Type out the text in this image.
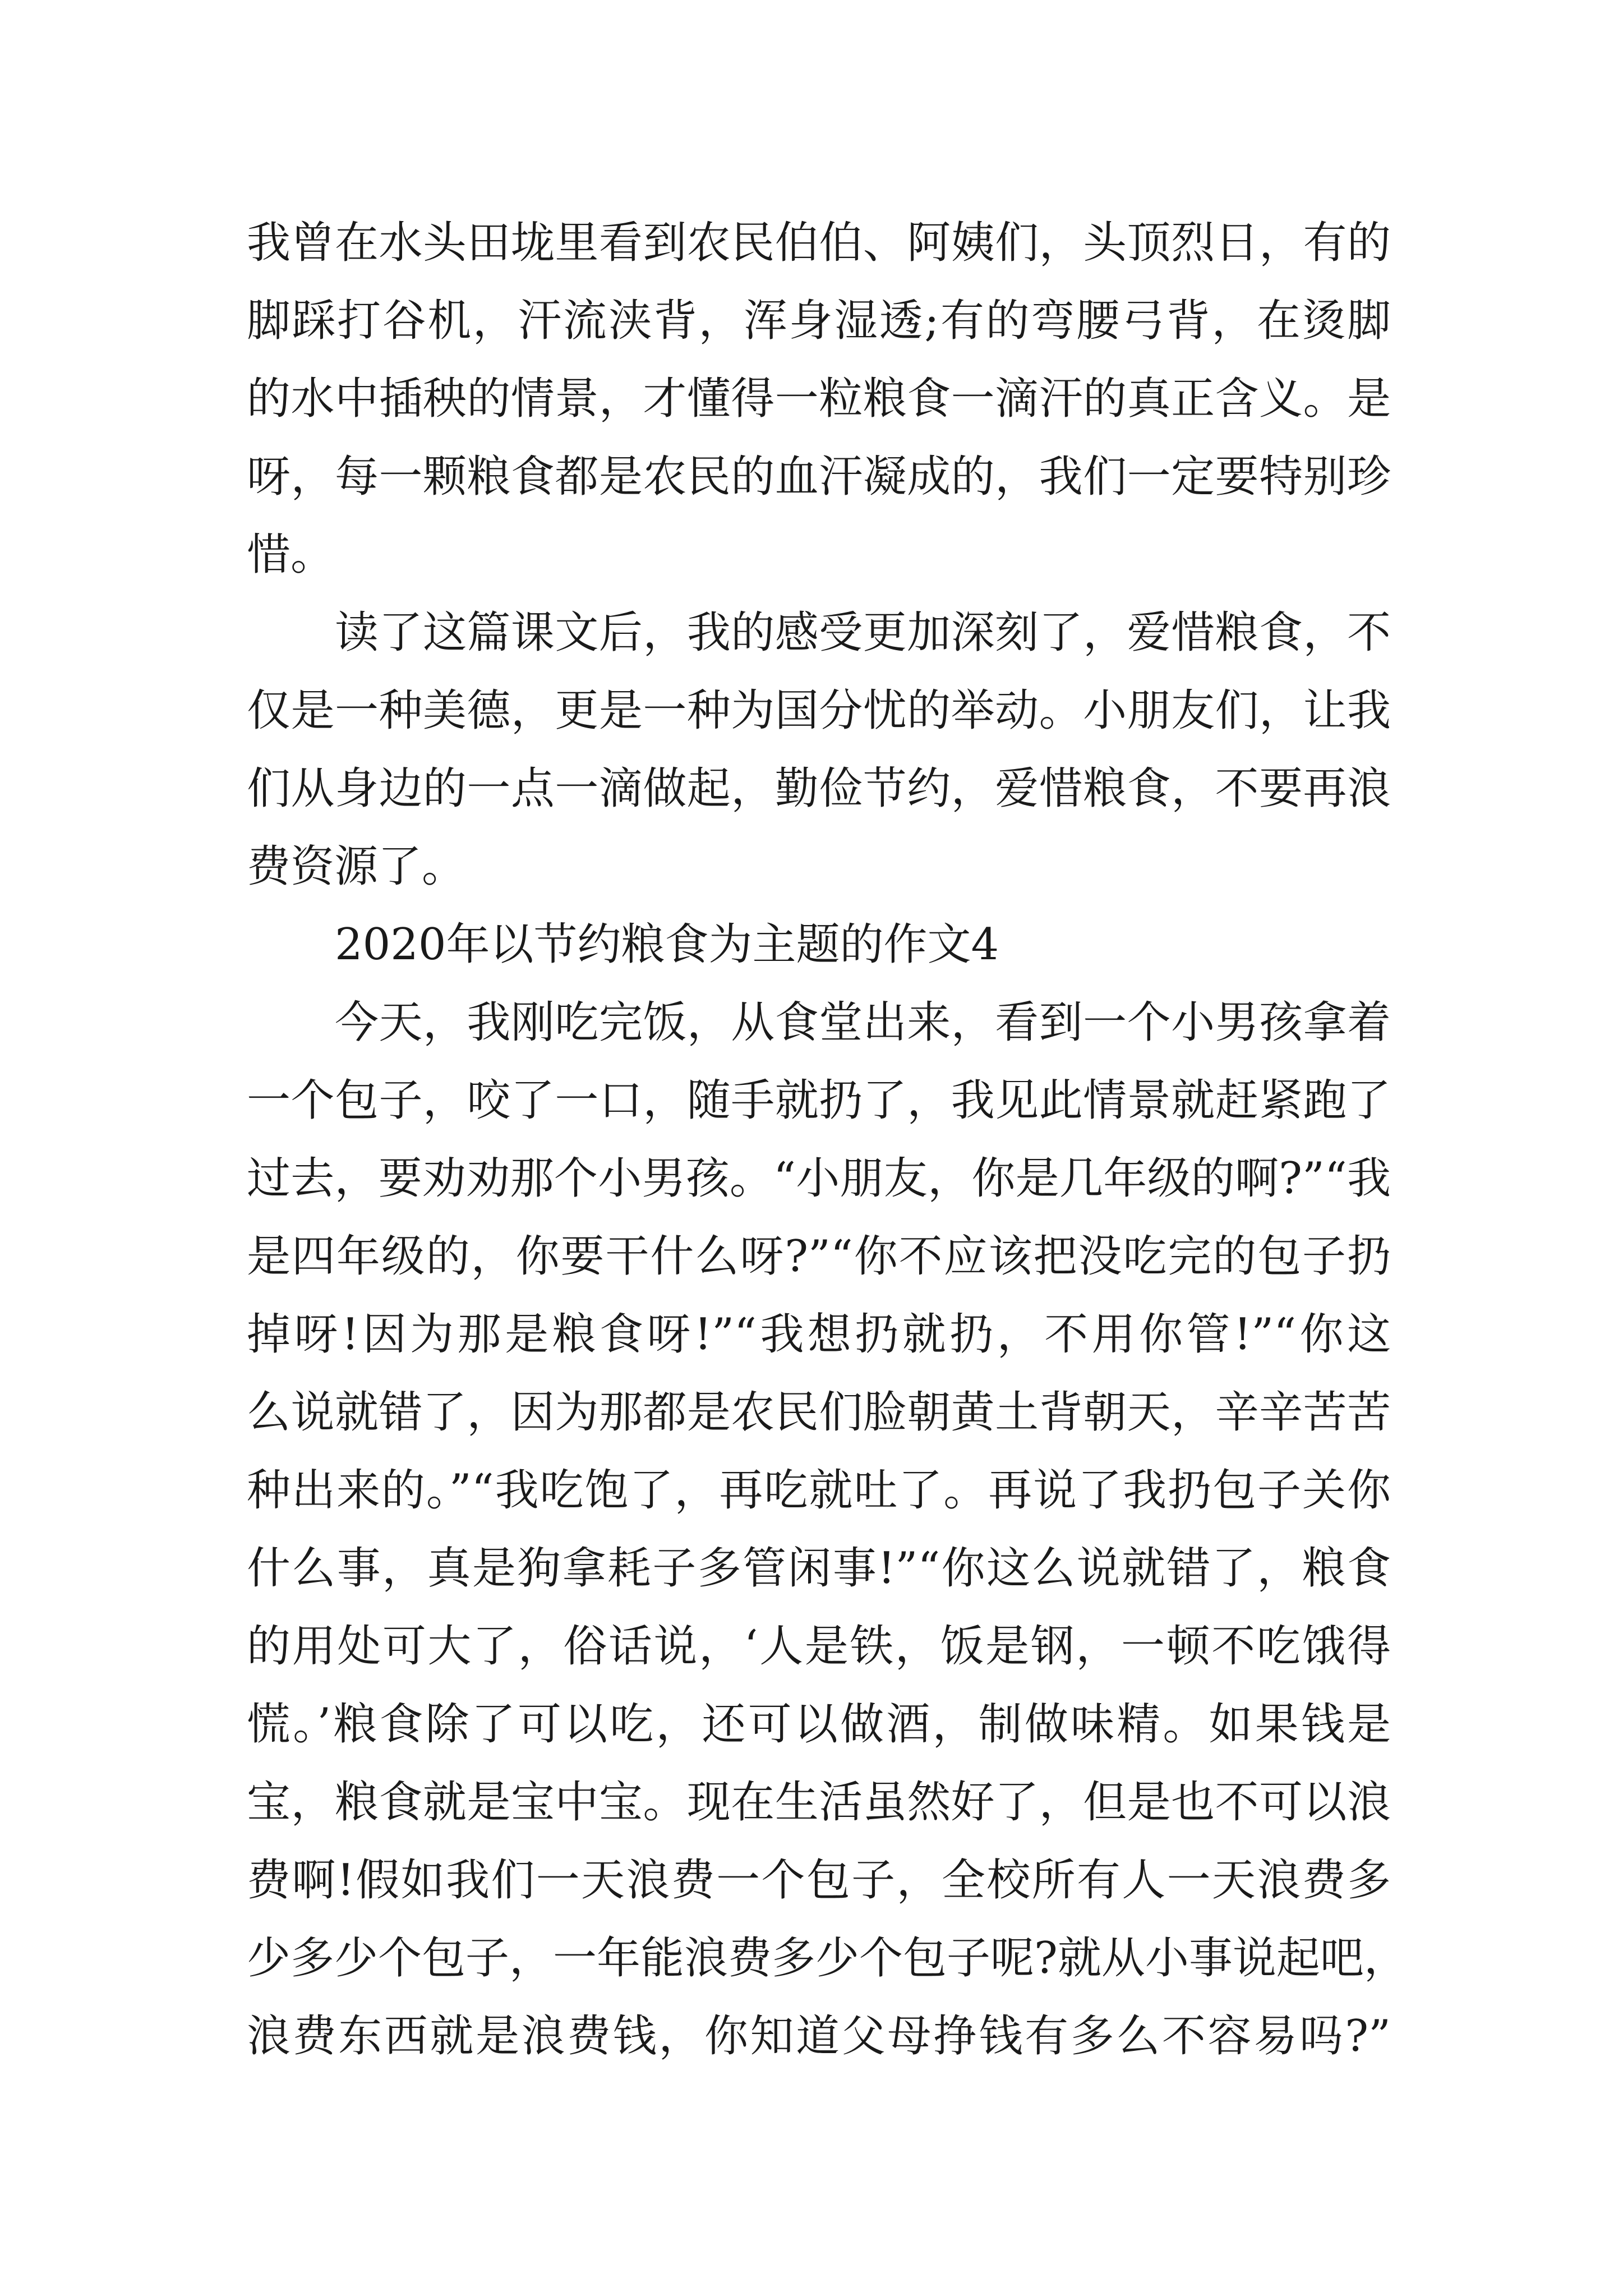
我曾在水头田垅里看到农民伯伯、阿姨们，头顶烈日，有的
脚踩打谷机，汗流浃背，浑身湿透;有的弯腰弓背，在烫脚
的水中插秧的情景，才懂得一粒粮食一滴汗的真正含义。是
呀，每一颗粮食都是农民的血汗凝成的，我们一定要特别珍
惜。
读了这篇课文后，我的感受更加深刻了，爱惜粮食，不
仅是一种美德，更是一种为国分忧的举动。小朋友们，让我
们从身边的一点一滴做起，勤俭节约，爱惜粮食，不要再浪
费资源了。
2020年以节约粮食为主题的作文4
今天，我刚吃完饭，从食堂出来，看到一个小男孩拿着
一个包子，咬了一口，随手就扔了，我见此情景就赶紧跑了
过去，要劝劝那个小男孩。“小朋友，你是几年级的啊?”“我
是四年级的，你要干什么呀?”“你不应该把没吃完的包子扔
掉呀!因为那是粮食呀!”“我想扔就扔，不用你管!”“你这
么说就错了，因为那都是农民们脸朝黄土背朝天，辛辛苦苦
种出来的。”“我吃饱了，再吃就吐了。再说了我扔包子关你
什么事，真是狗拿耗子多管闲事!”“你这么说就错了，粮食
的用处可大了，俗话说，‘人是铁，饭是钢，一顿不吃饿得
慌。’粮食除了可以吃，还可以做酒，制做味精。如果钱是
宝，粮食就是宝中宝。现在生活虽然好了，但是也不可以浪
费啊!假如我们一天浪费一个包子，全校所有人一天浪费多
少多少个包子，一年能浪费多少个包子呢?就从小事说起吧，
浪费东西就是浪费钱，你知道父母挣钱有多么不容易吗?”
